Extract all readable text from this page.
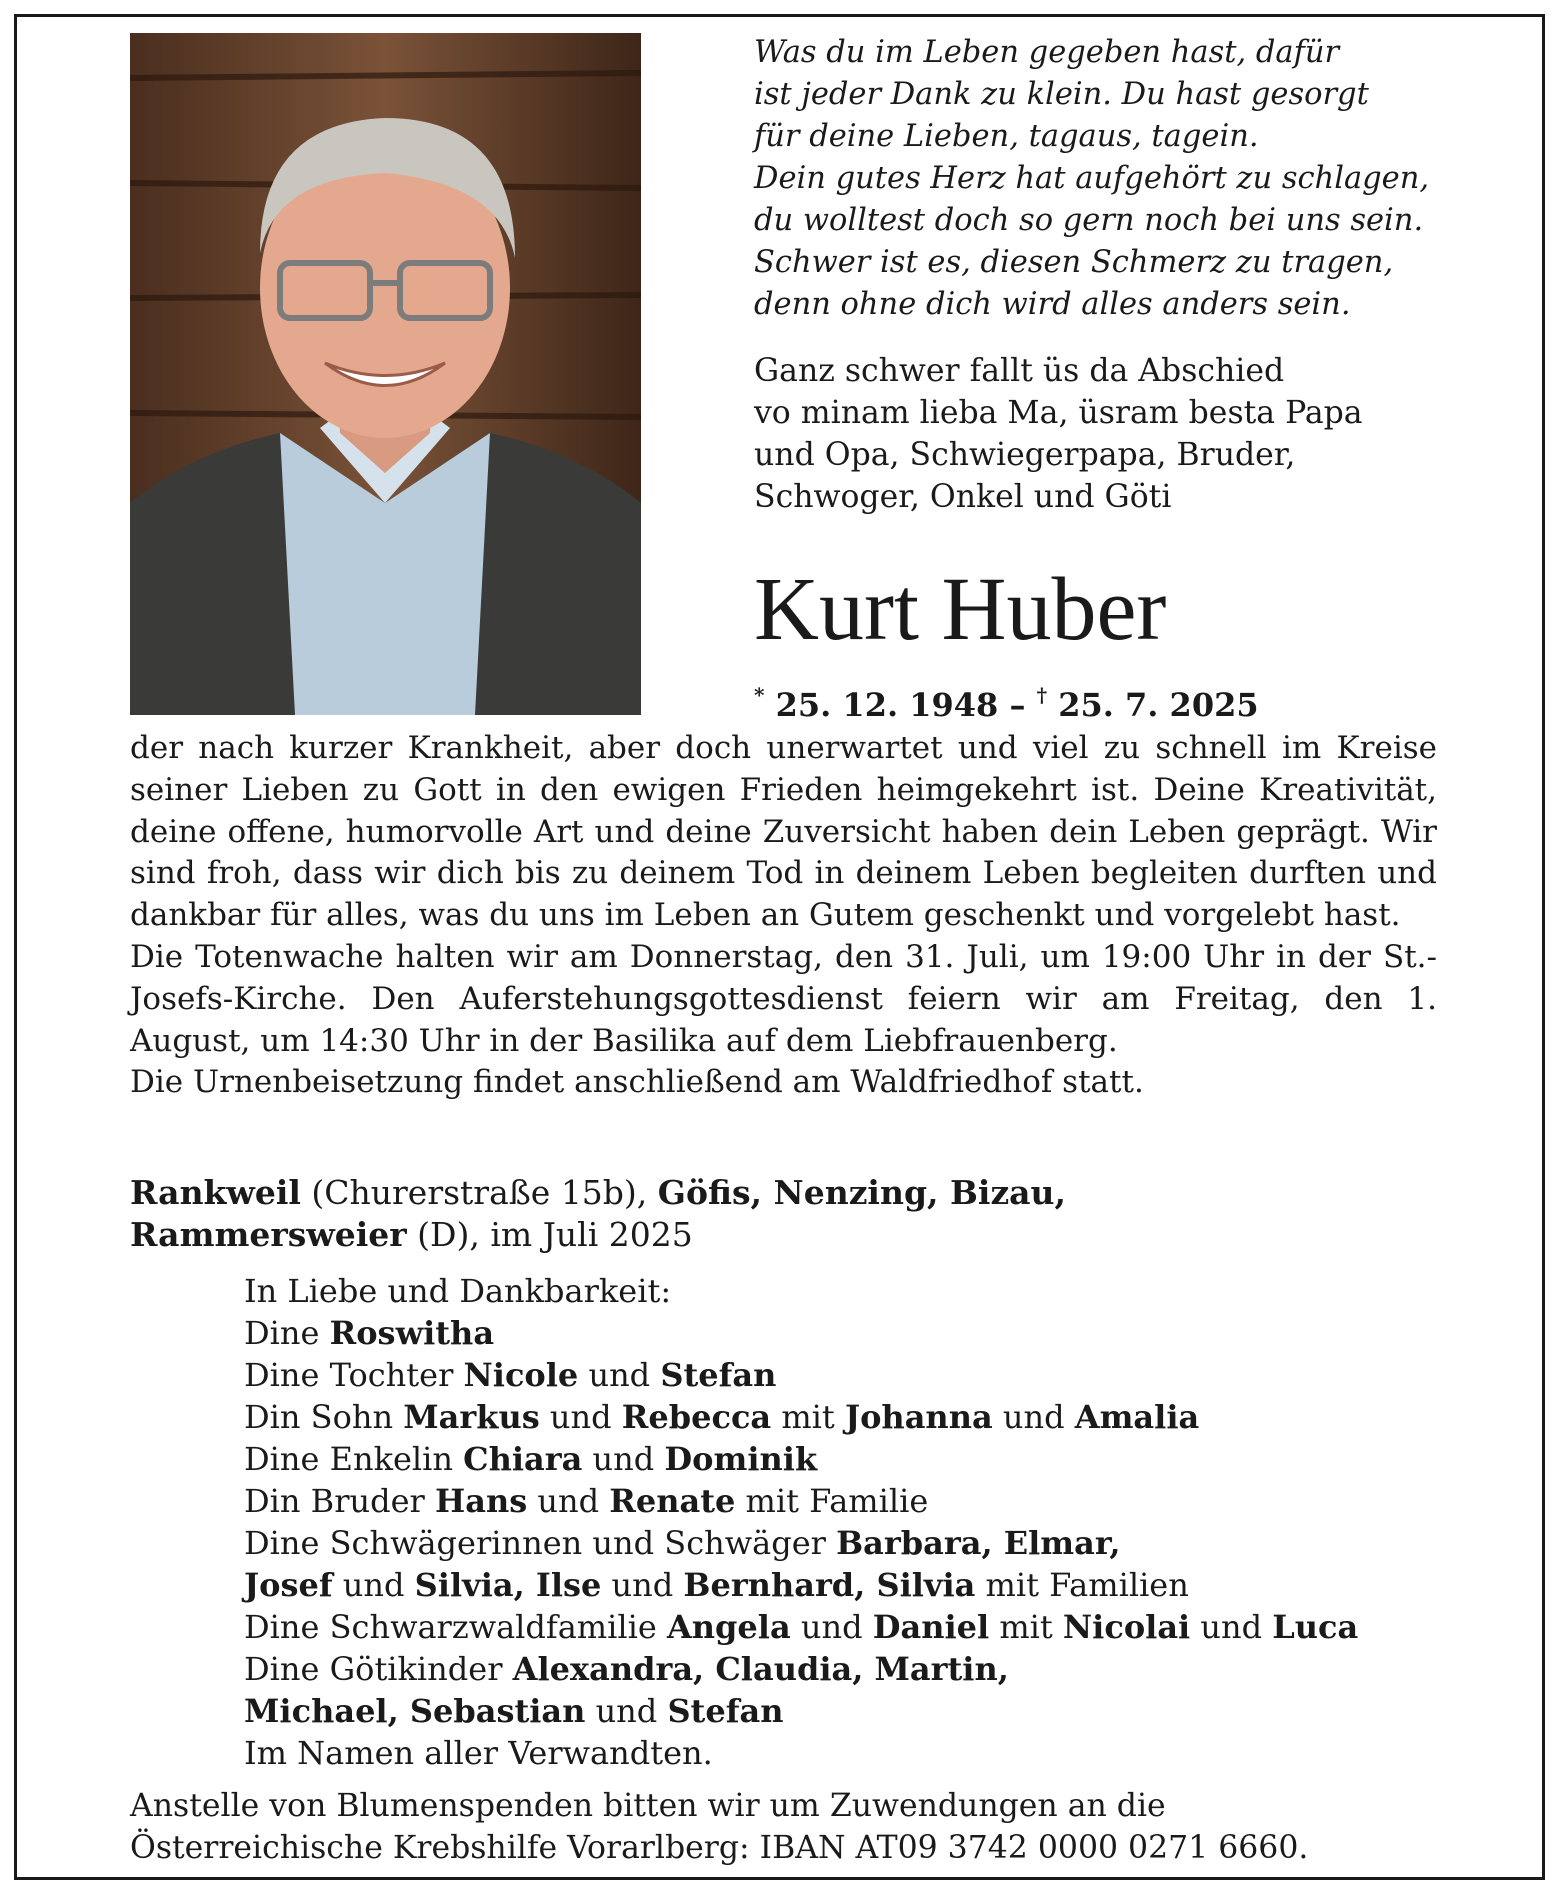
Was du im Leben gegeben hast, dafür
ist jeder Dank zu klein. Du hast gesorgt
für deine Lieben, tagaus, tagein.
Dein gutes Herz hat aufgehört zu schlagen,
du wolltest doch so gern noch bei uns sein.
Schwer ist es, diesen Schmerz zu tragen,
denn ohne dich wird alles anders sein.
Ganz schwer fallt üs da Abschied
vo minam lieba Ma, üsram besta Papa
und Opa, Schwiegerpapa, Bruder,
Schwoger, Onkel und Göti
Kurt Huber
* 25. 12. 1948 – † 25. 7. 2025

der nach kurzer Krankheit, aber doch unerwartet und viel zu schnell im Kreise seiner Lieben zu Gott in den ewigen Frieden heimgekehrt ist. Deine Kreativität, deine offene, humorvolle Art und deine Zuversicht haben dein Leben geprägt. Wir sind froh, dass wir dich bis zu deinem Tod in deinem Leben begleiten durften und dankbar für alles, was du uns im Leben an Gutem geschenkt und vorgelebt hast.

Die Totenwache halten wir am Donnerstag, den 31. Juli, um 19:00 Uhr in der St.-Josefs-Kirche. Den Auferstehungsgottesdienst feiern wir am Freitag, den 1. August, um 14:30 Uhr in der Basilika auf dem Liebfrauenberg.

Die Urnenbeisetzung findet anschließend am Waldfriedhof statt.

Rankweil (Churerstraße 15b), Göfis, Nenzing, Bizau,
Rammersweier (D), im Juli 2025
In Liebe und Dankbarkeit:
Dine Roswitha
Dine Tochter Nicole und Stefan
Din Sohn Markus und Rebecca mit Johanna und Amalia
Dine Enkelin Chiara und Dominik
Din Bruder Hans und Renate mit Familie
Dine Schwägerinnen und Schwäger Barbara, Elmar,
Josef und Silvia, Ilse und Bernhard, Silvia mit Familien
Dine Schwarzwaldfamilie Angela und Daniel mit Nicolai und Luca
Dine Götikinder Alexandra, Claudia, Martin,
Michael, Sebastian und Stefan
Im Namen aller Verwandten.
Anstelle von Blumenspenden bitten wir um Zuwendungen an die
Österreichische Krebshilfe Vorarlberg: IBAN AT09 3742 0000 0271 6660.
